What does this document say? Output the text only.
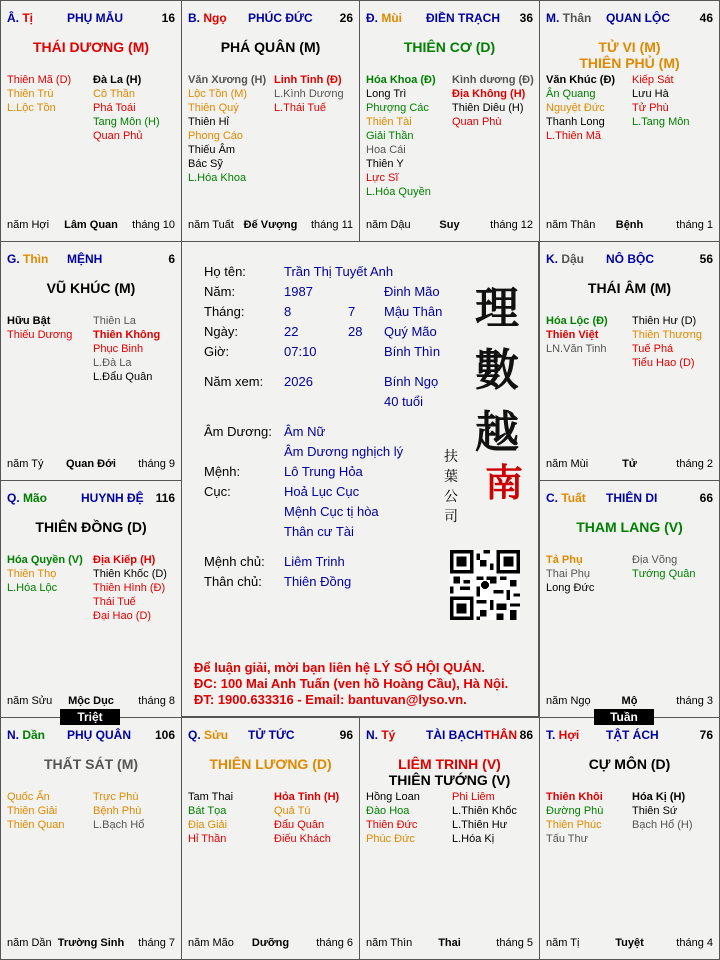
Â. Tị	PHỤ MẪU	16
THÁI DƯƠNG (M)
Thiên Mã (D)
Thiên Trù
L.Lộc Tồn
Đà La (H)
Cô Thần
Phá Toái
Tang Môn (H)
Quan Phủ
năm Hợi	Lâm Quan	tháng 10
B. Ngọ PHÚC ĐỨC 26
PHÁ QUÂN (M)
Văn Xương (H)
Lộc Tồn (M)
Thiên Quý
Thiên Hỉ
Phong Cáo
Thiếu Âm
Bác Sỹ
L.Hóa Khoa
Linh Tinh (Đ)
L.Kình Dương
L.Thái Tuế
năm Tuất Đế Vượng	tháng 11
Đ. Mùi ĐIỀN TRẠCH 36
THIÊN CƠ (D)
Hóa Khoa (Đ)
Long Trì
Phượng Các
Thiên Tài
Giải Thần
Hoa Cái
Thiên Y
Lực Sĩ
L.Hóa Quyền
Kình dương (Đ)
Địa Không (H)
Thiên Diêu (H)
Quan Phù
năm Dậu	Suy	tháng 12
M. Thân QUAN LỘC 46
TỬ VI (M)
THIÊN PHỦ (M)
Văn Khúc (Đ)
Ân Quang
Nguyệt Đức
Thanh Long
L.Thiên Mã
Kiếp Sát
Lưu Hà
Tử Phù
L.Tang Môn
năm Thân	Bệnh	tháng 1
G. Thìn MỆNH	6
VŨ KHÚC (M)
Hữu Bật
Thiếu Dương
Thiên La
Thiên Không
Phục Binh
L.Đà La
L.Đẩu Quân
năm Tý	Quan Đới	tháng 9
K. Dậu NÔ BỘC	56
THÁI ÂM (M)
Hóa Lộc (Đ)
Thiên Việt
LN.Văn Tinh
Thiên Hư (D)
Thiên Thương
Tuế Phá
Tiểu Hao (D)
năm Mùi	Tử	tháng 2
Q. Mão	HUYNH ĐỆ 116
THIÊN ĐỒNG (D)
Hóa Quyền (V)
Thiên Thọ
L.Hóa Lộc
Địa Kiếp (H)
Thiên Khốc (D)
Thiên Hình (Đ)
Thái Tuế
Đại Hao (D)
năm Sửu	Mộc Dục	tháng 8
C. Tuất THIÊN DI	66
THAM LANG (V)
Tả Phụ
Thai Phụ
Long Đức
Địa Võng
Tướng Quân
năm Ngọ	Mộ	tháng 3
N. Dần PHỤ QUÂN 106
THẤT SÁT (M)
Quốc Ấn
Thiên Giải
Thiên Quan
Trực Phù
Bệnh Phù
L.Bạch Hổ
năm Dần Trường Sinh	tháng 7
Q. Sửu TỬ TỨC	96
THIÊN LƯƠNG (D)
Tam Thai
Bát Tọa
Địa Giải
Hỉ Thần
Hỏa Tinh (H)
Quả Tú
Đẩu Quân
Điếu Khách
năm Mão	Dưỡng	tháng 6
N. Tý	TÀI BẠCH	86
THÂN
LIÊM TRINH (V)
THIÊN TƯỚNG (V)
Hồng Loan
Đào Hoa
Thiên Đức
Phúc Đức
Phi Liêm
L.Thiên Khốc
L.Thiên Hư
L.Hóa Kị
năm Thìn	Thai	tháng 5
T. Hợi TẬT ÁCH	76
CỰ MÔN (D)
Thiên Khôi
Đường Phù
Thiên Phúc
Tấu Thư
Hóa Kị (H)
Thiên Sứ
Bạch Hổ (H)
năm Tị	Tuyệt	tháng 4
Triệt	Tuần
Họ tên:	Trần Thị Tuyết Anh
Năm:	1987	Đinh Mão
Tháng:	8	7 Mậu Thân
Ngày:	22	28 Quý Mão
Giờ:	07:10	Bính Thìn
Năm xem: 2026	Bính Ngọ
40 tuổi
Âm Dương: Âm Nữ
Âm Dương nghịch lý
Mệnh:	Lô Trung Hỏa
Cục:	Hoả Lục Cục
Mệnh Cục tị hòa
Thân cư Tài
Mệnh chủ: Liêm Trinh
Thân chủ: Thiên Đồng
理
數
越
南
扶
葉
公
司
Để luận giải, mời bạn liên hệ LÝ SỐ HỘI QUÁN.
ĐC: 100 Mai Anh Tuấn (ven hồ Hoàng Cầu), Hà Nội.
ĐT: 1900.633316 - Email: bantuvan@lyso.vn.
